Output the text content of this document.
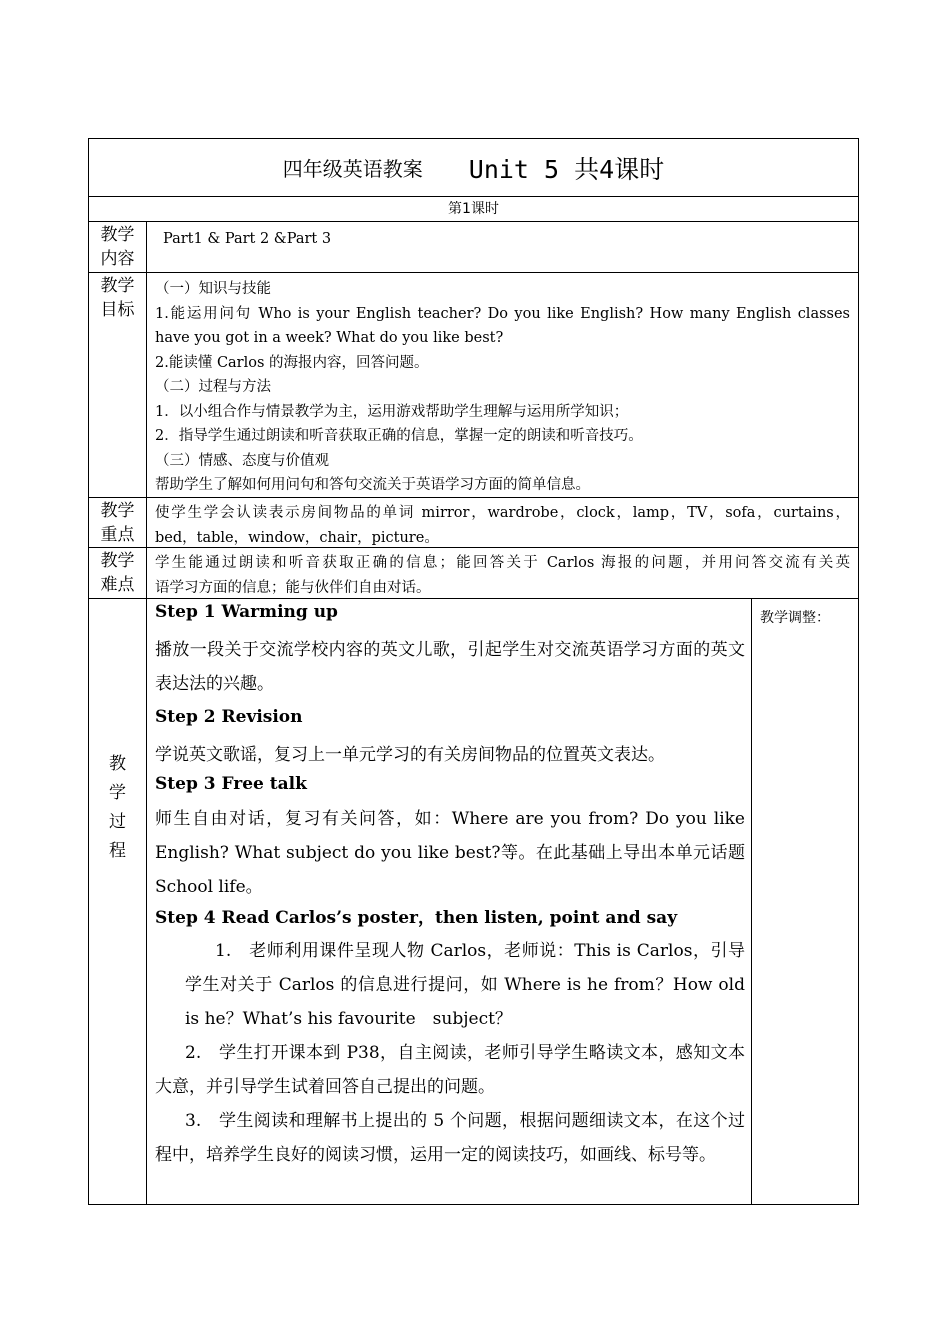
四年级英语教案 Unit 5 共4课时
第1课时
教学
内容

Part1 & Part 2 &Part 3

教学
目标

（一）知识与技能

1.能运用问句 Who is your English teacher? Do you like English? How many English classes

have you got in a week? What do you like best?

2.能读懂 Carlos 的海报内容，回答问题。

（二）过程与方法

1．以小组合作与情景教学为主，运用游戏帮助学生理解与运用所学知识；

2．指导学生通过朗读和听音获取正确的信息，掌握一定的朗读和听音技巧。

（三）情感、态度与价值观

帮助学生了解如何用问句和答句交流关于英语学习方面的简单信息。

教学
重点

使学生学会认读表示房间物品的单词 mirror，wardrobe，clock，lamp，TV，sofa，curtains，

bed，table，window，chair，picture。

教学
难点

学生能通过朗读和听音获取正确的信息；能回答关于 Carlos 海报的问题，并用问答交流有关英

语学习方面的信息；能与伙伴们自由对话。

教
学
过
程
教学调整：

Step 1 Warming up

播放一段关于交流学校内容的英文儿歌，引起学生对交流英语学习方面的英文表达法的兴趣。

Step 2 Revision

学说英文歌谣，复习上一单元学习的有关房间物品的位置英文表达。

Step 3 Free talk

师生自由对话，复习有关问答，如：Where are you from? Do you like English? What subject do you like best?等。在此基础上导出本单元话题 School life。

Step 4 Read Carlos’s poster，then listen, point and say

1.　老师利用课件呈现人物 Carlos，老师说：This is Carlos，引导学生对关于 Carlos 的信息进行提问，如 Where is he from？How old is he？What’s his favourite　subject？

2.　学生打开课本到 P38，自主阅读，老师引导学生略读文本，感知文本大意，并引导学生试着回答自己提出的问题。

3.　学生阅读和理解书上提出的 5 个问题，根据问题细读文本，在这个过程中，培养学生良好的阅读习惯，运用一定的阅读技巧，如画线、标号等。
